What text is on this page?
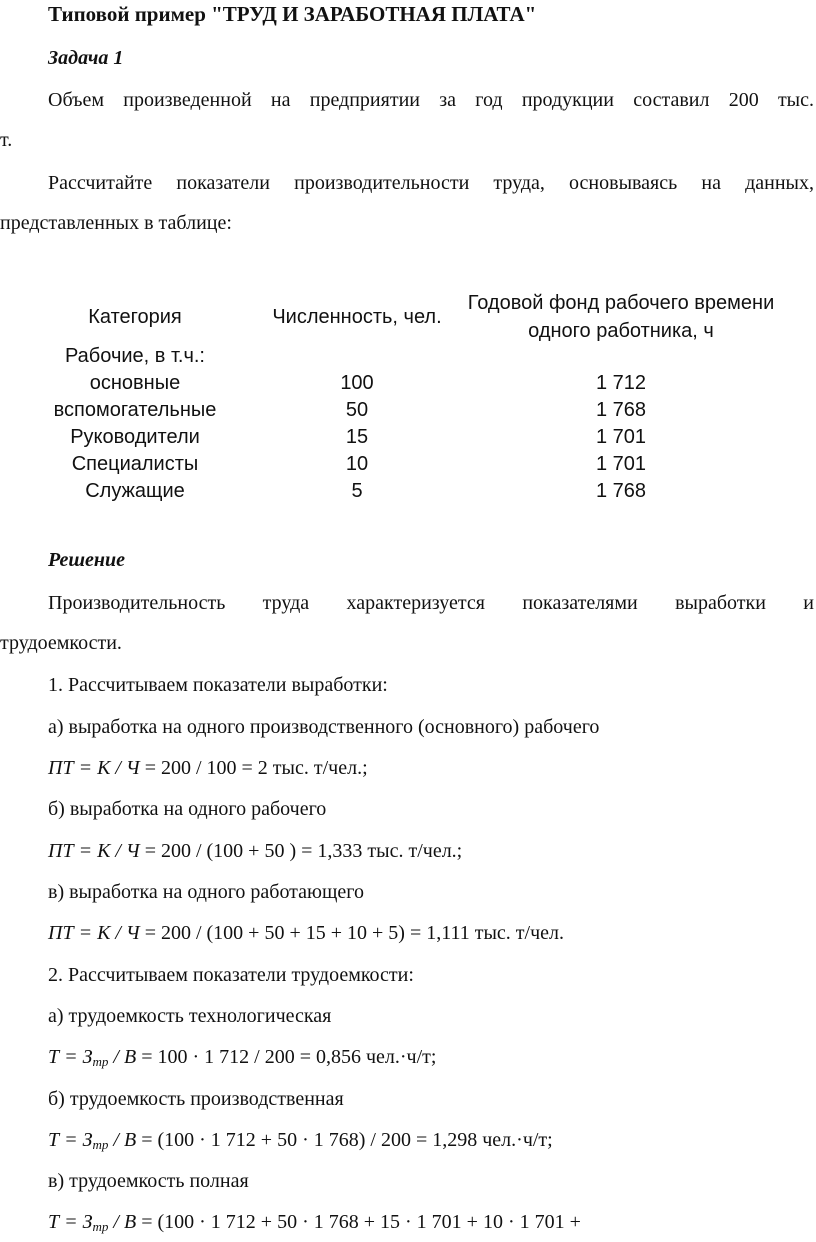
Типовой пример "ТРУД И ЗАРАБОТНАЯ ПЛАТА"
Задача 1
Объем произведенной на предприятии за год продукции составил 200 тыс.
т.
Рассчитайте показатели производительности труда, основываясь на данных,
представленных в таблице:
Категория	Численность, чел.
Годовой фонд рабочего времени
одного работника, ч
Рабочие, в т.ч.:
основные
вспомогательные
Руководители
Специалисты
Служащие
100
50
15
10
5
1 712
1 768
1 701
1 701
1 768
Решение
Производительность труда характеризуется показателями выработки и
трудоемкости.
1. Рассчитываем показатели выработки:
а) выработка на одного производственного (основного) рабочего
ПТ = К / Ч = 200 / 100 = 2 тыс. т/чел.;
б) выработка на одного рабочего
ПТ = К / Ч = 200 / (100 + 50 ) = 1,333 тыс. т/чел.;
в) выработка на одного работающего
ПТ = К / Ч = 200 / (100 + 50 + 15 + 10 + 5) = 1,111 тыс. т/чел.
2. Рассчитываем показатели трудоемкости:
а) трудоемкость технологическая
$Т = З_{тр} / В = 100 \cdot 1$ 712 / 200 = 0,856 чел.·ч/т;
б) трудоемкость производственная
$Т = З_{тр} / В = (100 \cdot 1$ 712 + 50 · 1 768) / 200 = 1,298 чел.·ч/т;
в) трудоемкость полная
$Т = З_{тр} / В = (100 \cdot 1$ 712 + 50 · 1 768 + 15 · 1 701 + 10 · 1 701 +
